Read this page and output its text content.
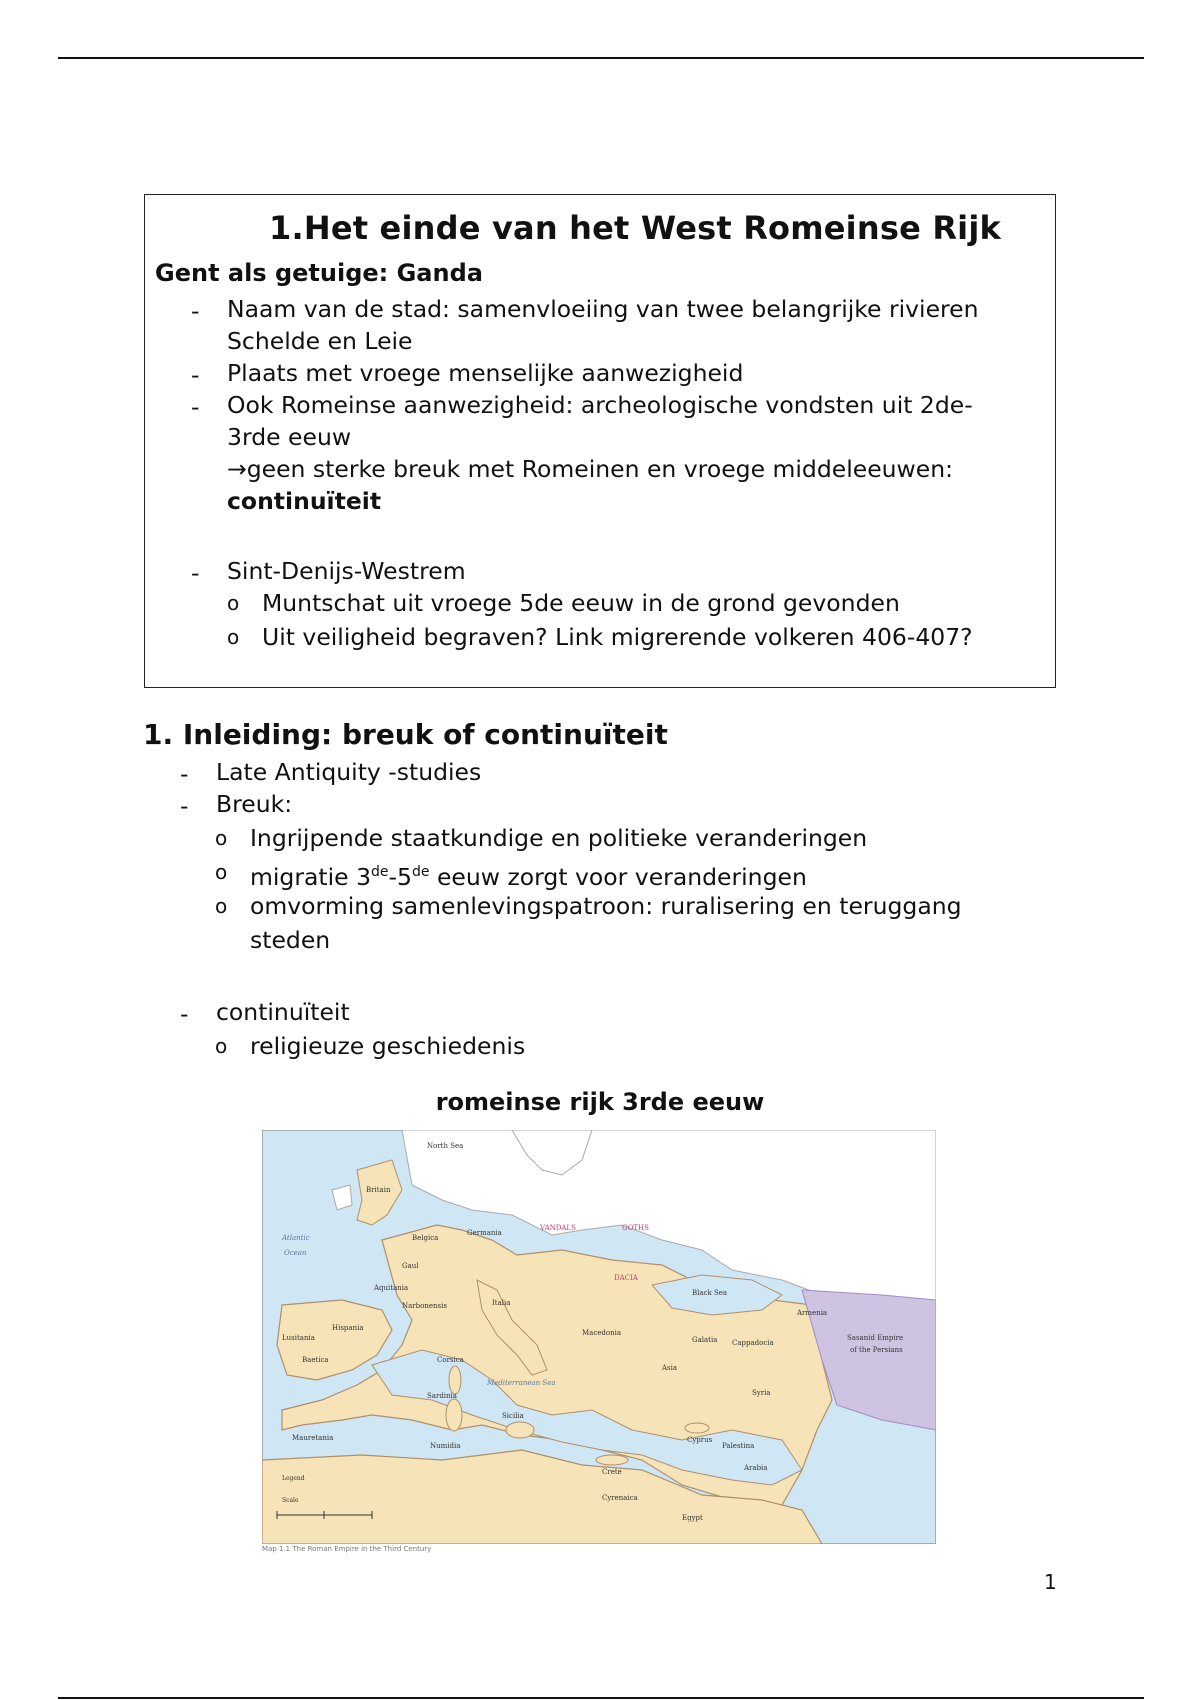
1.Het einde van het West Romeinse Rijk
Gent als getuige: Ganda
- Naam van de stad: samenvloeiing van twee belangrijke rivieren
Schelde en Leie
- Plaats met vroege menselijke aanwezigheid
- Ook Romeinse aanwezigheid: archeologische vondsten uit 2de-
3rde eeuw
→geen sterke breuk met Romeinen en vroege middeleeuwen:
continuïteit
- Sint-Denijs-Westrem
o Muntschat uit vroege 5de eeuw in de grond gevonden
o Uit veiligheid begraven? Link migrerende volkeren 406-407?
1. Inleiding: breuk of continuïteit
- Late Antiquity -studies
- Breuk:
o Ingrijpende staatkundige en politieke veranderingen
o migratie 3de-5de eeuw zorgt voor veranderingen
o omvorming samenlevingspatroon: ruralisering en teruggang
steden
- continuïteit
o religieuze geschiedenis
romeinse rijk 3rde eeuw
North Sea
Britain
Atlantic
Ocean
Belgica
Gaul
Aquitania
Narbonensis
Lusitania
Hispania
Baetica
Mauretania
Germania
VANDALS	GOTHS
DACIA
Black Sea
Armenia
Sasanid Empire
of the Persians
Italia
Corsica
Sardinia
Sicilia
Numidia
Macedonia
Asia
Galatia Cappadocia
Syria
Cyprus
Crete
Palestina
Arabia
Cyrenaica
Egypt
Mediterranean Sea
Legend
Scale
Map 1.1 The Roman Empire in the Third Century
1
